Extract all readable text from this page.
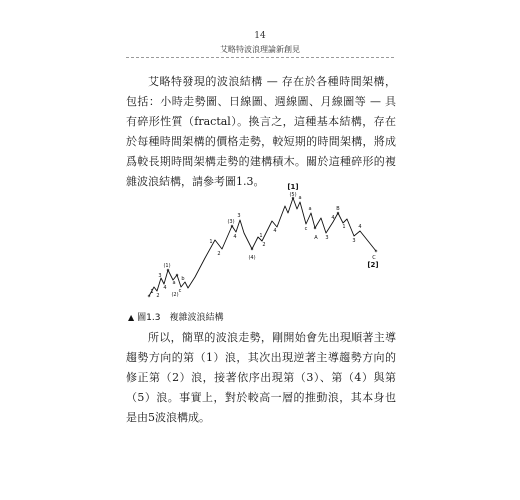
14
艾略特波浪理論新創見

艾略特發現的波浪結構 — 存在於各種時間架構，包括：小時走勢圖、日線圖、週線圖、月線圖等 — 具有碎形性質（fractal）。換言之，這種基本結構，存在於每種時間架構的價格走勢，較短期的時間架構，將成爲較長期時間架構走勢的建構積木。關於這種碎形的複雜波浪結構，請參考圖1.3。	[1]
[2]
(1)
(2)
(3)
(4)
(5)
A
B
C
1
2
3
4
a
b
c
1
2
3
4	1
2
4
a
c
a
3
4
1
3
4
▲ 圖1.3　複雜波浪結構

所以，簡單的波浪走勢，剛開始會先出現順著主導趨勢方向的第（1）浪，其次出現逆著主導趨勢方向的修正第（2）浪，接著依序出現第（3）、第（4）與第（5）浪。事實上，對於較高一層的推動浪，其本身也是由5波浪構成。
